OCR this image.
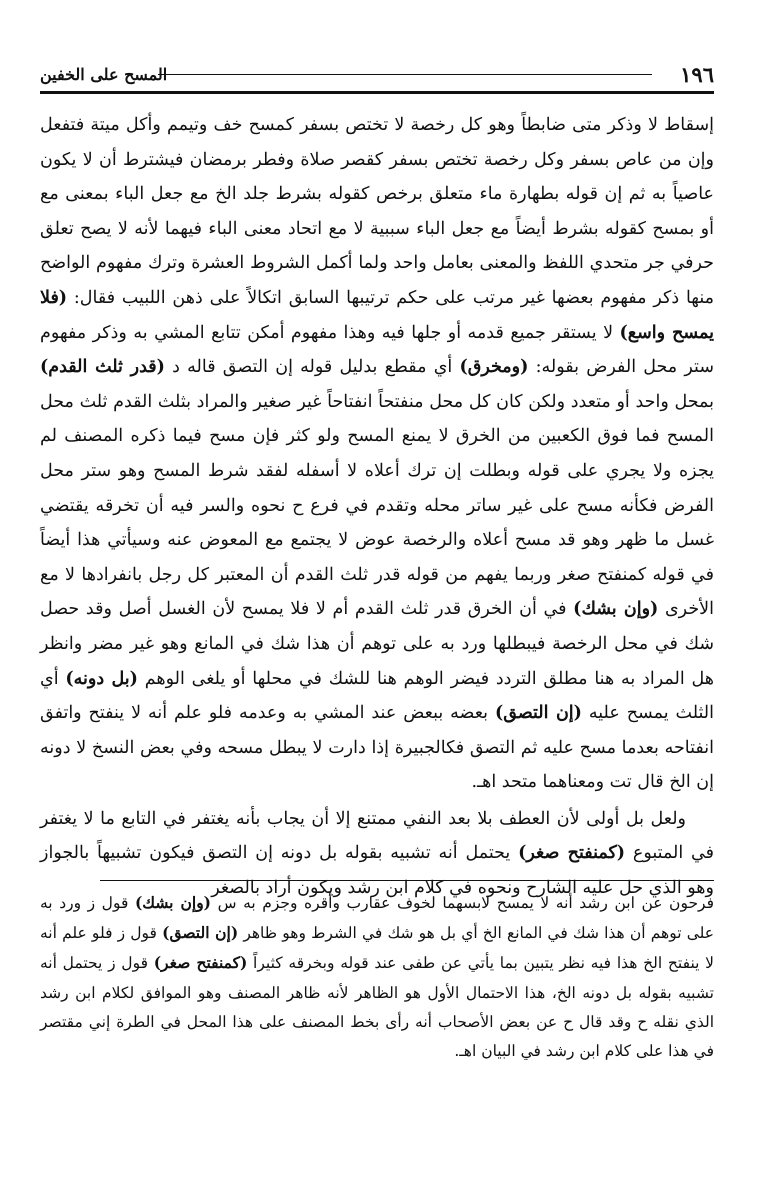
١٩٦
المسح على الخفين

إسقاط لا وذكر متى ضابطاً وهو كل رخصة لا تختص بسفر كمسح خف وتيمم وأكل ميتة فتفعل وإن من عاص بسفر وكل رخصة تختص بسفر كقصر صلاة وفطر برمضان فيشترط أن لا يكون عاصياً به ثم إن قوله بطهارة ماء متعلق برخص كقوله بشرط جلد الخ مع جعل الباء بمعنى مع أو بمسح كقوله بشرط أيضاً مع جعل الباء سببية لا مع اتحاد معنى الباء فيهما لأنه لا يصح تعلق حرفي جر متحدي اللفظ والمعنى بعامل واحد ولما أكمل الشروط العشرة وترك مفهوم الواضح منها ذكر مفهوم بعضها غير مرتب على حكم ترتيبها السابق اتكالاً على ذهن اللبيب فقال: (فلا يمسح واسع) لا يستقر جميع قدمه أو جلها فيه وهذا مفهوم أمكن تتابع المشي به وذكر مفهوم ستر محل الفرض بقوله: (ومخرق) أي مقطع بدليل قوله إن التصق قاله د (قدر ثلث القدم) بمحل واحد أو متعدد ولكن كان كل محل منفتحاً انفتاحاً غير صغير والمراد بثلث القدم ثلث محل المسح فما فوق الكعبين من الخرق لا يمنع المسح ولو كثر فإن مسح فيما ذكره المصنف لم يجزه ولا يجري على قوله وبطلت إن ترك أعلاه لا أسفله لفقد شرط المسح وهو ستر محل الفرض فكأنه مسح على غير ساتر محله وتقدم في فرع ح نحوه والسر فيه أن تخرقه يقتضي غسل ما ظهر وهو قد مسح أعلاه والرخصة عوض لا يجتمع مع المعوض عنه وسيأتي هذا أيضاً في قوله كمنفتح صغر وربما يفهم من قوله قدر ثلث القدم أن المعتبر كل رجل بانفرادها لا مع الأخرى (وإن بشك) في أن الخرق قدر ثلث القدم أم لا فلا يمسح لأن الغسل أصل وقد حصل شك في محل الرخصة فيبطلها ورد به على توهم أن هذا شك في المانع وهو غير مضر وانظر هل المراد به هنا مطلق التردد فيضر الوهم هنا للشك في محلها أو يلغى الوهم (بل دونه) أي الثلث يمسح عليه (إن التصق) بعضه ببعض عند المشي به وعدمه فلو علم أنه لا ينفتح واتفق انفتاحه بعدما مسح عليه ثم التصق فكالجبيرة إذا دارت لا يبطل مسحه وفي بعض النسخ لا دونه إن الخ قال تت ومعناهما متحد اهـ.

ولعل بل أولى لأن العطف بلا بعد النفي ممتنع إلا أن يجاب بأنه يغتفر في التابع ما لا يغتفر في المتبوع (كمنفتح صغر) يحتمل أنه تشبيه بقوله بل دونه إن التصق فيكون تشبيهاً بالجواز وهو الذي حل عليه الشارح ونحوه في كلام ابن رشد ويكون أراد بالصغر

فرحون عن ابن رشد أنه لا يمسح لابسهما لخوف عقارب وأقره وجزم به س (وإن بشك) قول ز ورد به على توهم أن هذا شك في المانع الخ أي بل هو شك في الشرط وهو ظاهر (إن التصق) قول ز فلو علم أنه لا ينفتح الخ هذا فيه نظر يتبين بما يأتي عن طفى عند قوله وبخرقه كثيراً (كمنفتح صغر) قول ز يحتمل أنه تشبيه بقوله بل دونه الخ، هذا الاحتمال الأول هو الظاهر لأنه ظاهر المصنف وهو الموافق لكلام ابن رشد الذي نقله ح وقد قال ح عن بعض الأصحاب أنه رأى بخط المصنف على هذا المحل في الطرة إني مقتصر في هذا على كلام ابن رشد في البيان اهـ.
